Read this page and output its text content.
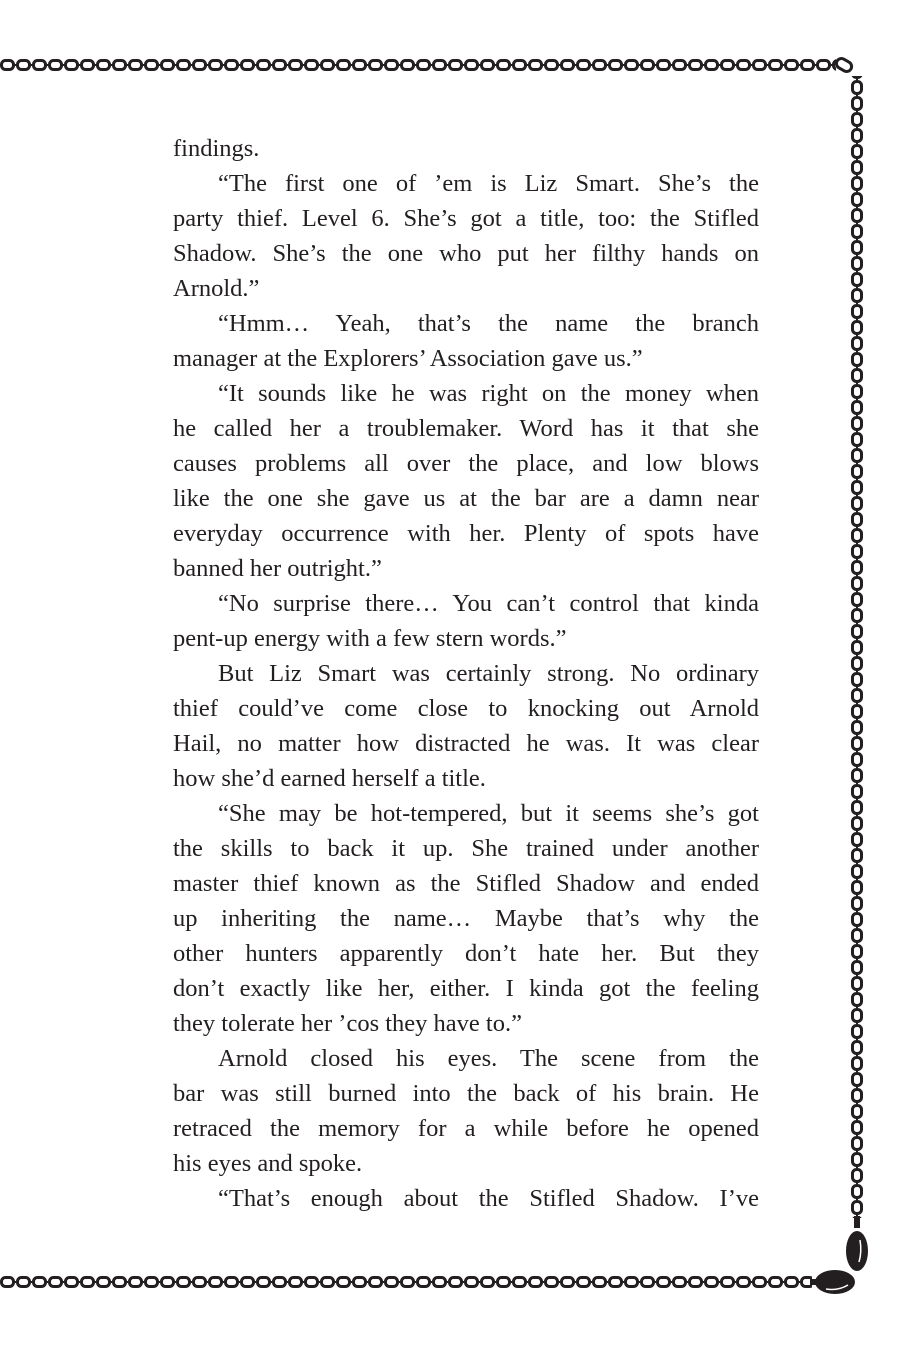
findings.
“The first one of ’em is Liz Smart. She’s the
party thief. Level 6. She’s got a title, too: the Stifled
Shadow. She’s the one who put her filthy hands on
Arnold.”
“Hmm… Yeah, that’s the name the branch
manager at the Explorers’ Association gave us.”
“It sounds like he was right on the money when
he called her a troublemaker. Word has it that she
causes problems all over the place, and low blows
like the one she gave us at the bar are a damn near
everyday occurrence with her. Plenty of spots have
banned her outright.”
“No surprise there… You can’t control that kinda
pent-up energy with a few stern words.”
But Liz Smart was certainly strong. No ordinary
thief could’ve come close to knocking out Arnold
Hail, no matter how distracted he was. It was clear
how she’d earned herself a title.
“She may be hot-tempered, but it seems she’s got
the skills to back it up. She trained under another
master thief known as the Stifled Shadow and ended
up inheriting the name… Maybe that’s why the
other hunters apparently don’t hate her. But they
don’t exactly like her, either. I kinda got the feeling
they tolerate her ’cos they have to.”
Arnold closed his eyes. The scene from the
bar was still burned into the back of his brain. He
retraced the memory for a while before he opened
his eyes and spoke.
“That’s enough about the Stifled Shadow. I’ve
